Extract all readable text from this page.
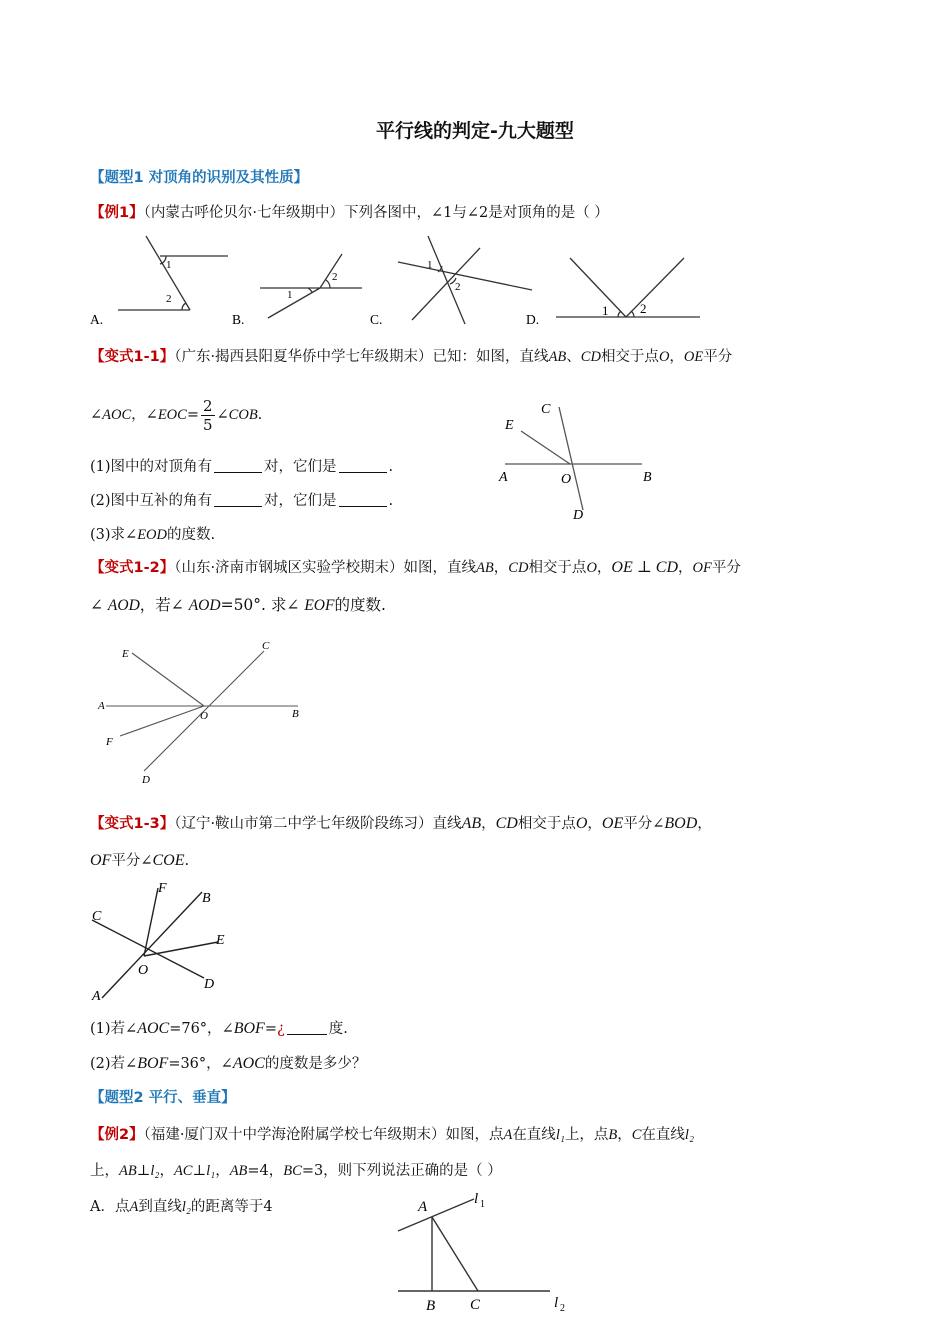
平行线的判定-九大题型
【题型1 对顶角的识别及其性质】
【例1】（内蒙古呼伦贝尔·七年级期中）下列各图中，∠1与∠2是对顶角的是（ ）
1
2
A.
1
2
B.
1
2
C.
1 2
D.
【变式1-1】（广东·揭西县阳夏华侨中学七年级期末）已知：如图，直线AB、CD相交于点O，OE平分
∠AOC，∠EOC= $\frac{2}{5}$ ∠COB.
(1)图中的对顶角有	对，它们是	.
(2)图中互补的角有	对，它们是	.
(3)求∠EOD的度数.
C
E
A	O	B
D
【变式1-2】（山东·济南市钢城区实验学校期末）如图，直线AB，CD相交于点O，OE ⊥ CD，OF平分
∠ AOD，若∠ AOD=50°. 求∠ EOF的度数.
E
C
A
O	B
F
D
【变式1-3】（辽宁·鞍山市第二中学七年级阶段练习）直线AB，CD相交于点O，OE平分∠BOD，
OF平分∠COE.
F
B
C
E
O
D
A
(1)若∠AOC=76°，∠BOF=¿	度.
(2)若∠BOF=36°，∠AOC的度数是多少？
【题型2 平行、垂直】
【例2】（福建·厦门双十中学海沧附属学校七年级期末）如图，点A在直线l₁上，点B，C在直线l₂
上，AB⊥l₂，AC⊥l₁，AB=4，BC=3，则下列说法正确的是（ ）
A．点A到直线l₂的距离等于4	A	l 1
B C	l 2
